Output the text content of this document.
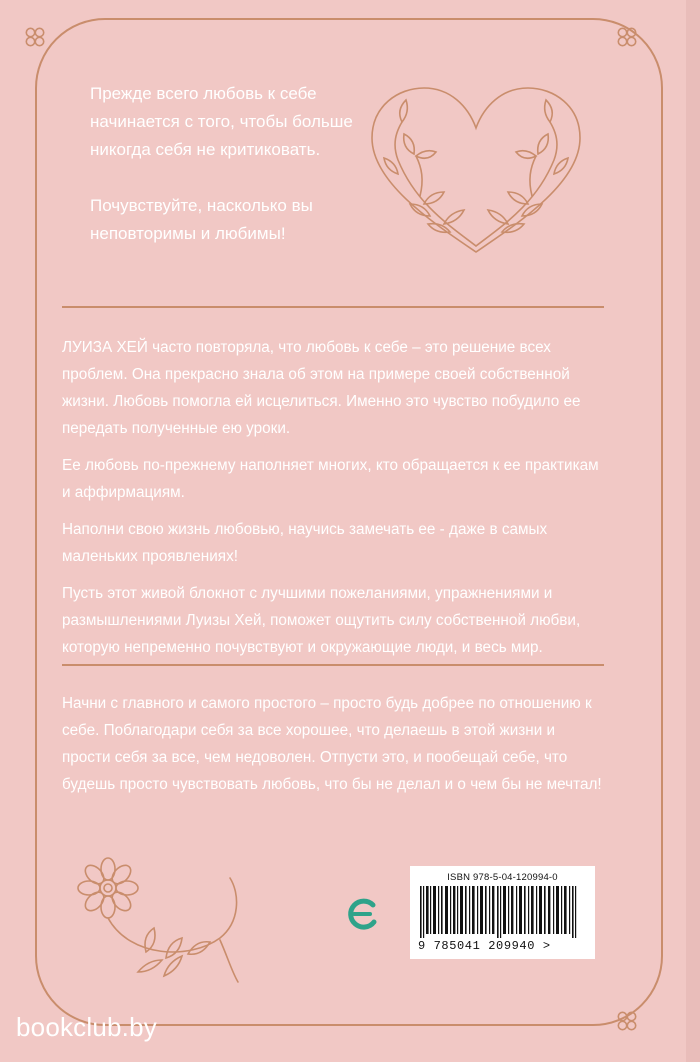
Прежде всего любовь к себе начинается с того, чтобы больше никогда себя не критиковать.

Почувствуйте, насколько вы неповторимы и любимы!

ЛУИЗА ХЕЙ часто повторяла, что любовь к себе – это решение всех проблем. Она прекрасно знала об этом на примере своей собственной жизни. Любовь помогла ей исцелиться. Именно это чувство побудило ее передать полученные ею уроки.

Ее любовь по-прежнему наполняет многих, кто обращается к ее практикам и аффирмациям.

Наполни свою жизнь любовью, научись замечать ее - даже в самых маленьких проявлениях!

Пусть этот живой блокнот с лучшими пожеланиями, упражнениями и размышлениями Луизы Хей, поможет ощутить силу собственной любви, которую непременно почувствуют и окружающие люди, и весь мир.

Начни с главного и самого простого – просто будь добрее по отношению к себе. Поблагодари себя за все хорошее, что делаешь в этой жизни и прости себя за все, чем недоволен. Отпусти это, и пообещай себе, что будешь просто чувствовать любовь, что бы не делал и о чем бы не мечтал!
ISBN 978-5-04-120994-0
9 785041 209940 >
bookclub.by
